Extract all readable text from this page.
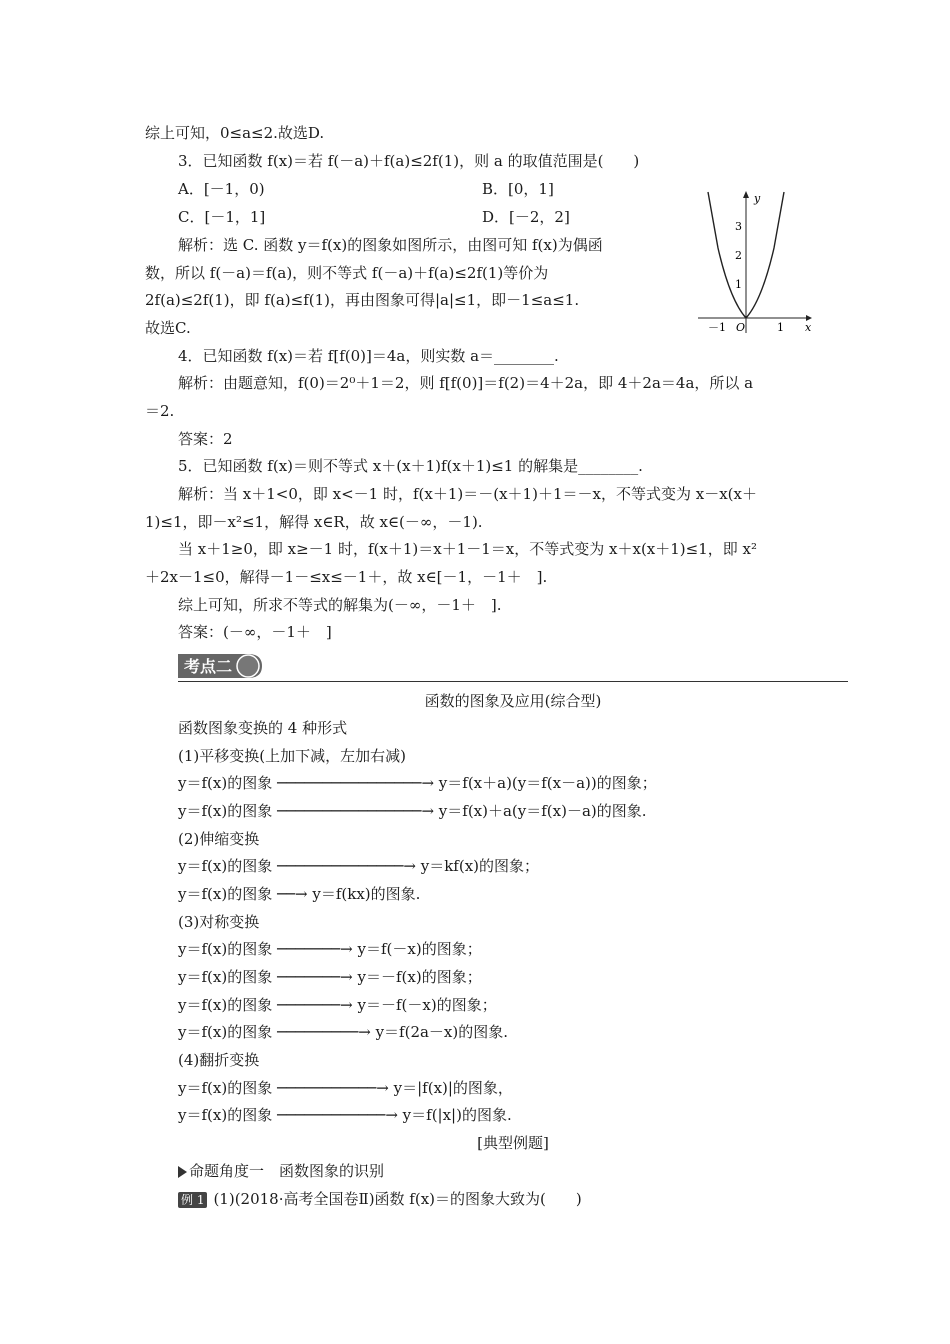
综上可知，0≤a≤2.故选D.
3．已知函数 f(x)＝若 f(－a)＋f(a)≤2f(1)，则 a 的取值范围是(　　)
A．[－1，0)	B．[0，1]
C．[－1，1]	D．[－2，2]
解析：选 C. 函数 y＝f(x)的图象如图所示，由图可知 f(x)为偶函
数，所以 f(－a)＝f(a)，则不等式 f(－a)＋f(a)≤2f(1)等价为
2f(a)≤2f(1)，即 f(a)≤f(1)，再由图象可得|a|≤1，即－1≤a≤1.
故选C.
y
x
O
－1	1
1
2
3
4．已知函数 f(x)＝若 f[f(0)]＝4a，则实数 a＝________.
解析：由题意知，f(0)＝2⁰＋1＝2，则 f[f(0)]＝f(2)＝4＋2a，即 4＋2a＝4a，所以 a
＝2.
答案：2
5．已知函数 f(x)＝则不等式 x＋(x＋1)f(x＋1)≤1 的解集是________.
解析：当 x＋1<0，即 x<－1 时，f(x＋1)＝－(x＋1)＋1＝－x，不等式变为 x－x(x＋
1)≤1，即－x²≤1，解得 x∈R，故 x∈(－∞，－1).
当 x＋1≥0，即 x≥－1 时，f(x＋1)＝x＋1－1＝x，不等式变为 x＋x(x＋1)≤1，即 x²
＋2x－1≤0，解得－1－≤x≤－1＋，故 x∈[－1，－1＋　].
综上可知，所求不等式的解集为(－∞，－1＋　].
答案：(－∞，－1＋　]
考点二
函数的图象及应用(综合型)
函数图象变换的 4 种形式
(1)平移变换(上加下减，左加右减)
y＝f(x)的图象 ────────────────→ y＝f(x＋a)(y＝f(x－a))的图象；
y＝f(x)的图象 ────────────────→ y＝f(x)＋a(y＝f(x)－a)的图象.
(2)伸缩变换
y＝f(x)的图象 ──────────────→ y＝kf(x)的图象；
y＝f(x)的图象 ──→ y＝f(kx)的图象.
(3)对称变换
y＝f(x)的图象 ───────→ y＝f(－x)的图象；
y＝f(x)的图象 ───────→ y＝－f(x)的图象；
y＝f(x)的图象 ───────→ y＝－f(－x)的图象；
y＝f(x)的图象 ─────────→ y＝f(2a－x)的图象.
(4)翻折变换
y＝f(x)的图象 ───────────→ y＝|f(x)|的图象，
y＝f(x)的图象 ────────────→ y＝f(|x|)的图象.
[典型例题]
命题角度一　函数图象的识别
例 1 (1)(2018·高考全国卷Ⅱ)函数 f(x)＝的图象大致为(　　)
